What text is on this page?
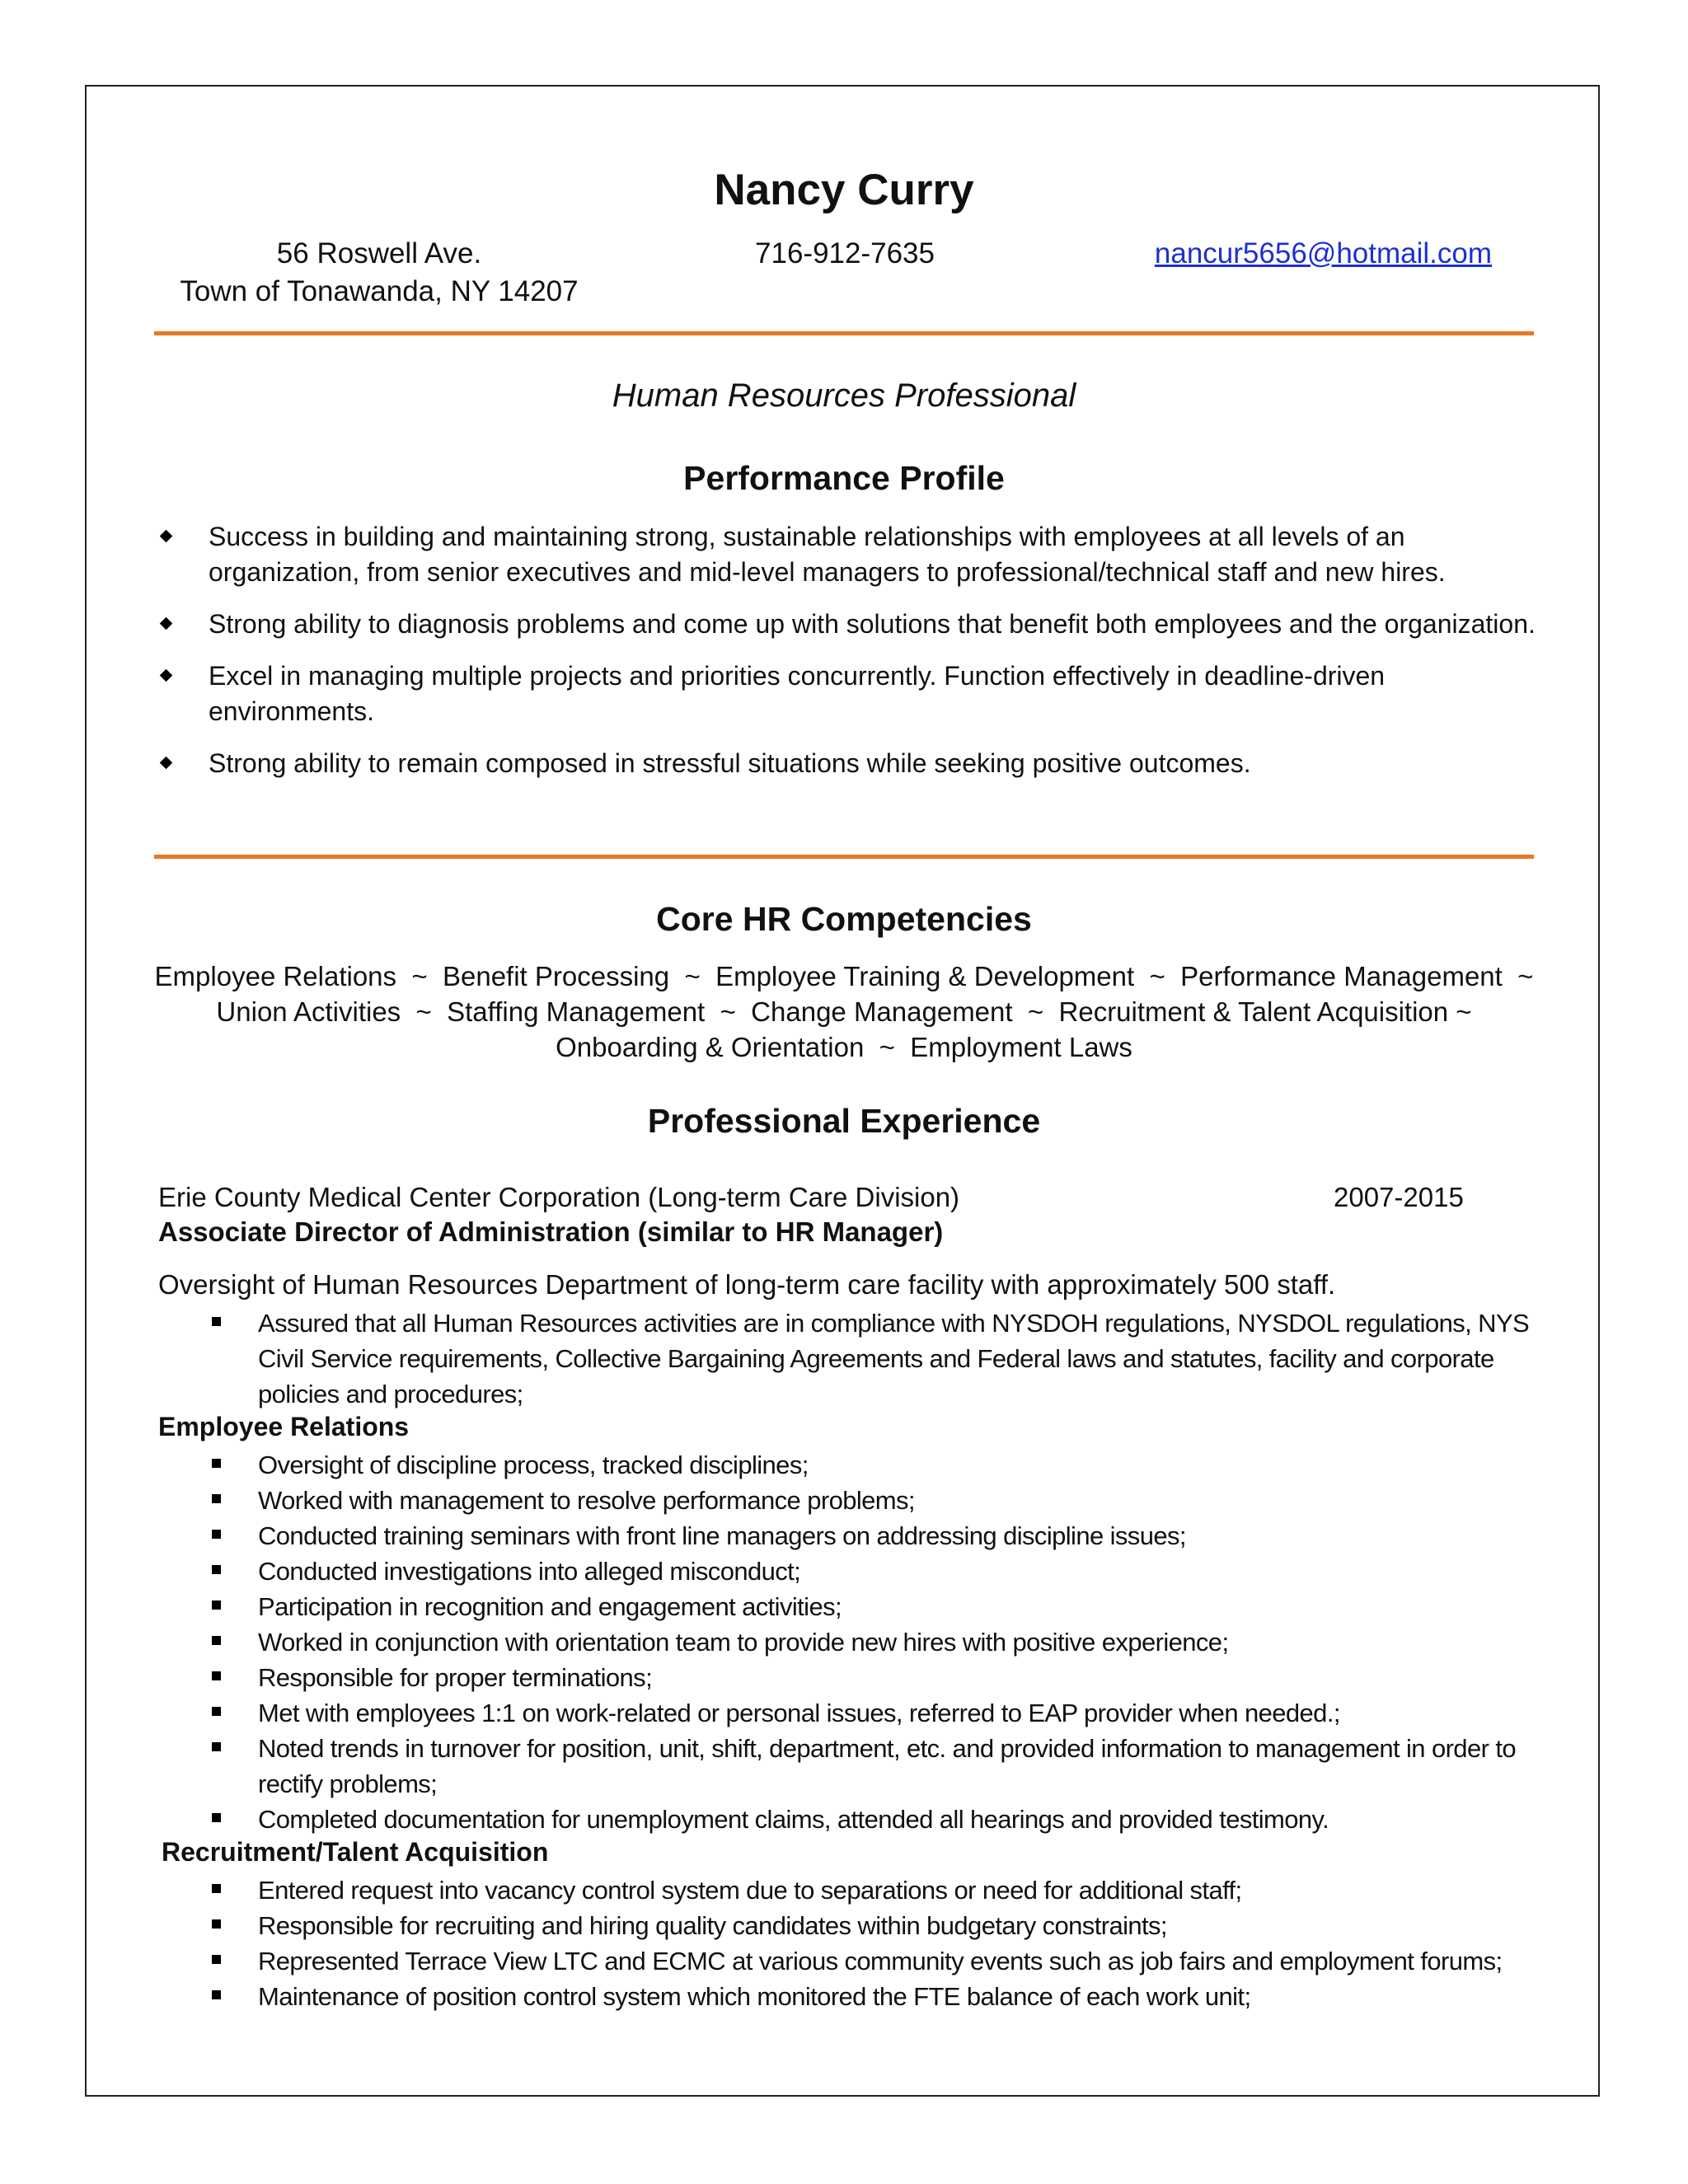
Nancy Curry
56 Roswell Ave.
Town of Tonawanda, NY 14207
716-912-7635	nancur5656@hotmail.com
Human Resources Professional
Performance Profile
Success in building and maintaining strong, sustainable relationships with employees at all levels of an organization, from senior executives and mid-level managers to professional/technical staff and new hires.
Strong ability to diagnosis problems and come up with solutions that benefit both employees and the organization.
Excel in managing multiple projects and priorities concurrently. Function effectively in deadline-driven environments.
Strong ability to remain composed in stressful situations while seeking positive outcomes.
Core HR Competencies
Employee Relations  ~  Benefit Processing  ~  Employee Training & Development  ~  Performance Management  ~
Union Activities  ~  Staffing Management  ~  Change Management  ~  Recruitment & Talent Acquisition ~
Onboarding & Orientation  ~  Employment Laws
Professional Experience
Erie County Medical Center Corporation (Long-term Care Division)	2007-2015
Associate Director of Administration (similar to HR Manager)
Oversight of Human Resources Department of long-term care facility with approximately 500 staff.
Assured that all Human Resources activities are in compliance with NYSDOH regulations, NYSDOL regulations, NYS Civil Service requirements, Collective Bargaining Agreements and Federal laws and statutes, facility and corporate policies and procedures;
Employee Relations
Oversight of discipline process, tracked disciplines;
Worked with management to resolve performance problems;
Conducted training seminars with front line managers on addressing discipline issues;
Conducted investigations into alleged misconduct;
Participation in recognition and engagement activities;
Worked in conjunction with orientation team to provide new hires with positive experience;
Responsible for proper terminations;
Met with employees 1:1 on work-related or personal issues, referred to EAP provider when needed.;
Noted trends in turnover for position, unit, shift, department, etc. and provided information to management in order to rectify problems;
Completed documentation for unemployment claims, attended all hearings and provided testimony.
Recruitment/Talent Acquisition
Entered request into vacancy control system due to separations or need for additional staff;
Responsible for recruiting and hiring quality candidates within budgetary constraints;
Represented Terrace View LTC and ECMC at various community events such as job fairs and employment forums;
Maintenance of position control system which monitored the FTE balance of each work unit;
